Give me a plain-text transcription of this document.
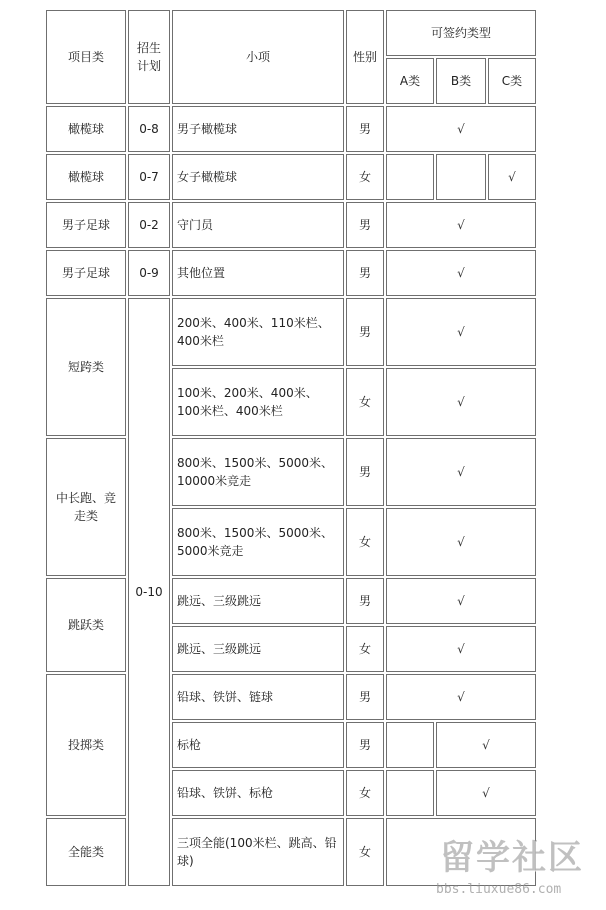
项目类	招生计划	小项	性别	可签约类型		
				A类	B类	C类
橄榄球	0-8	男子橄榄球	男	√		
橄榄球	0-7	女子橄榄球	女			√
男子足球	0-2	守门员	男	√		
男子足球	0-9	其他位置	男	√		
短跨类	0-10	200米、400米、110米栏、400米栏	男	√		
		100米、200米、400米、100米栏、400米栏	女	√		
中长跑、竞走类		800米、1500米、5000米、10000米竞走	男	√		
		800米、1500米、5000米、5000米竞走	女	√		
跳跃类		跳远、三级跳远	男	√		
		跳远、三级跳远	女	√		
投掷类		铅球、铁饼、链球	男	√		
		标枪	男		√	
		铅球、铁饼、标枪	女		√	
全能类		三项全能(100米栏、跳高、铅球)	女			留学社区
bbs.liuxue86.com
